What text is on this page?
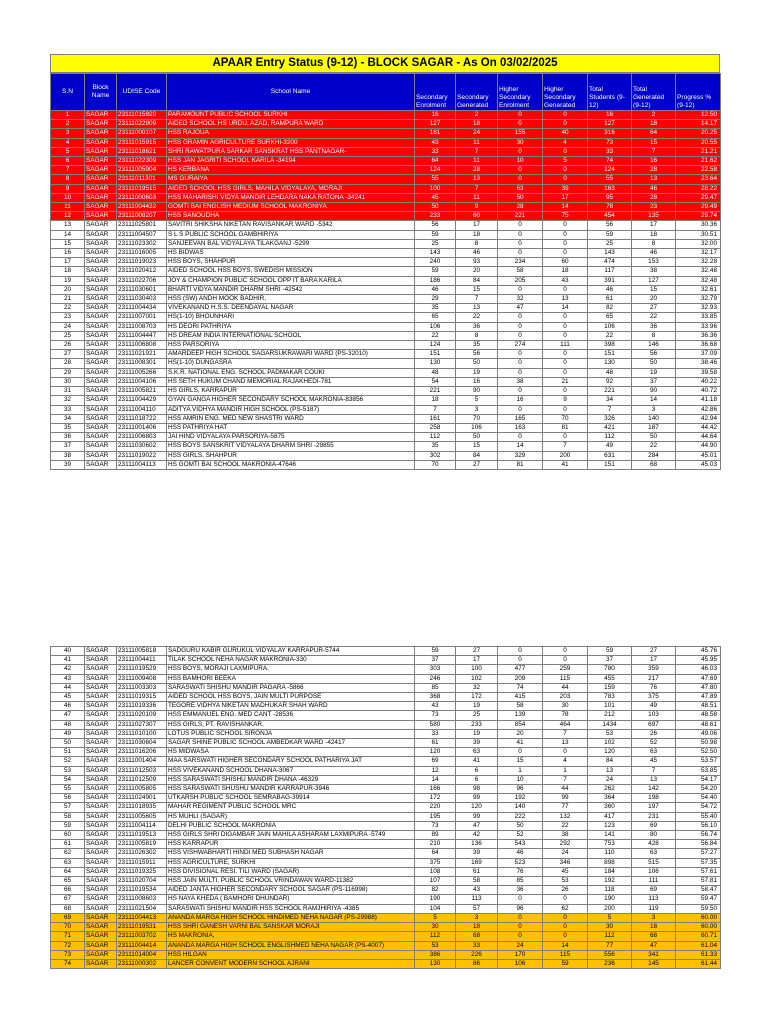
APAAR Entry Status (9-12) - BLOCK SAGAR - As On 03/02/2025
S.N	Block Name	UDISE Code	School Name	Secondary Enrolment	Secondary Generated	Higher Secondary Enrolment	Higher Secondary Generated	Total Students (9-12)	Total Generated (9-12)	Progress % (9-12)
1	SAGAR	23111015920	PARAMOUNT PUBLIC SCHOOL SURKHI	16	2	0	0	16	2	12.50
2	SAGAR	23111022909	AIDED SCHOOL HS URDU, AZAD, RAMPURA WARD	127	18	0	0	127	18	14.17
3	SAGAR	23111000107	HSS RAJOUA	161	24	155	40	316	64	20.25
4	SAGAR	23111015915	HSS GRAMIN AGRICULTURE SURKHI-3200	43	11	30	4	73	15	20.55
5	SAGAR	23111018621	SHRI RAWATPURA SARKAR SANSKRAT HSS PANTNAGAR-	33	7	0	0	33	7	21.21
6	SAGAR	23111022309	HSS JAN JAGRITI SCHOOL KARILA -34194	64	11	10	5	74	16	21.62
7	SAGAR	23111005904	HS KERBANA	124	28	0	0	124	28	22.58
8	SAGAR	23111011301	MS GURAIYA	55	13	0	0	55	13	23.64
9	SAGAR	23111019515	AIDED SCHOOL HSS GIRLS, MAHILA VIDYALAYA, MORAJI	100	7	63	39	163	46	28.22
10	SAGAR	23111000603	HSS MAHARISHI VIDYA MANDIR LEHDARA NAKA RATONA -34241	45	11	50	17	95	28	29.47
11	SAGAR	23111004432	GOMTI BAI ENGLISH MEDIUM SCHOOL MAKRONIYA	50	9	28	14	78	23	29.49
12	SAGAR	23111008207	HSS SANOUDHA	233	60	221	75	454	135	29.74
13	SAGAR	23111025801	SAVITRI SHIKSHA NIKETAN RAVISANKAR WARD -5342	56	17	0	0	56	17	30.36
14	SAGAR	23111004507	S L S PUBLIC SCHOOL GAMBHIRIYA	59	18	0	0	59	18	30.51
15	SAGAR	23111023302	SANJEEVAN BAL VIDYALAYA TILAKGANJ -5299	25	8	0	0	25	8	32.00
16	SAGAR	23111016005	HS BIDWAS	143	46	0	0	143	46	32.17
17	SAGAR	23111019023	HSS BOYS, SHAHPUR	240	93	234	60	474	153	32.28
18	SAGAR	23111020412	AIDED SCHOOL HSS BOYS, SWEDISH MISSION	59	20	58	18	117	38	32.48
19	SAGAR	23111022706	JOY & CHAMPION PUBLIC SCHOOL OPP IT BARA KARILA	186	84	205	43	391	127	32.48
20	SAGAR	23111030601	BHARTI VIDYA MANDIR DHARM SHRI -42542	46	15	0	0	46	15	32.61
21	SAGAR	23111030403	HSS (SW) ANDH MOOK BADHIR,	29	7	32	13	61	20	32.79
22	SAGAR	23111004434	VIVEKANAND H.S.S. DEENDAYAL NAGAR	35	13	47	14	82	27	32.93
23	SAGAR	23111007001	HS(1-10) BHOUNHARI	65	22	0	0	65	22	33.85
24	SAGAR	23111008703	HS DEORI PATHRIYA	106	36	0	0	106	36	33.96
25	SAGAR	23111004447	HS DREAM INDIA INTERNATIONAL SCHOOL	22	8	0	0	22	8	36.36
26	SAGAR	23111006808	HSS PARSORIYA	124	35	274	111	398	146	36.68
27	SAGAR	23111021921	AMARDEEP HIGH SCHOOL SAGARSUKRAWARI WARD (PS-32010)	151	56	0	0	151	56	37.09
28	SAGAR	23111008301	HS(1-10) DUNGASRA	130	50	0	0	130	50	38.46
29	SAGAR	23111005266	S.K.R. NATIONAL ENG. SCHOOL PADMAKAR COUKI	48	19	0	0	48	19	39.58
30	SAGAR	23111004106	HS SETH HUKUM CHAND MEMORIAL RAJAKHEDI-781	54	16	38	21	92	37	40.22
31	SAGAR	23111005821	HS GIRLS, KARRAPUR	221	90	0	0	221	90	40.72
32	SAGAR	23111004429	GYAN GANGA HIGHER SECONDARY SCHOOL MAKRONIA-83856	18	5	16	9	34	14	41.18
33	SAGAR	23111004110	ADITYA VIDHYA MANDIR HIGH SCHOOL (PS-5187)	7	3	0	0	7	3	42.86
34	SAGAR	23111018722	HSS AMRIN ENG. MED NEW SHASTRI WARD	161	70	165	70	326	140	42.94
35	SAGAR	23111001406	HSS PATHRIYA HAT	258	106	163	81	421	187	44.42
36	SAGAR	23111006803	JAI HIND VIDYALAYA PARSORIYA-5875	112	50	0	0	112	50	44.64
37	SAGAR	23111030602	HSS BOYS SANSKRIT VIDYALAYA DHARM SHRI -29855	35	15	14	7	49	22	44.90
38	SAGAR	23111019022	HSS GIRLS, SHAHPUR	302	84	329	200	631	284	45.01
39	SAGAR	23111004113	HS GOMTI BAI SCHOOL MAKRONIA-47646	70	27	81	41	151	68	45.03
40	SAGAR	23111005818	SADGURU KABIR GURUKUL VIDYALAY KARRAPUR-5744	59	27	0	0	59	27	45.76
41	SAGAR	23111004411	TILAK SCHOOL NEHA NAGAR MAKRONIA-330	37	17	0	0	37	17	45.95
42	SAGAR	23111019529	HSS BOYS, MORAJI LAXMIPURA,	303	100	477	259	780	359	46.03
43	SAGAR	23111009408	HSS BAMHORI BEEKA	246	102	209	115	455	217	47.69
44	SAGAR	23111003303	SARASWATI SHISHU MANDIR PAGARA -5866	85	32	74	44	159	76	47.80
45	SAGAR	23111019315	AIDED SCHOOL HSS BOYS, JAIN MULTI PURPOSE	368	172	415	203	783	375	47.89
46	SAGAR	23111019336	TEGORE VIDHYA NIKETAN MADHUKAR SHAH WARD	43	19	58	30	101	49	48.51
47	SAGAR	23111020109	HSS EMMANUEL ENG. MED CANT -28536	73	25	139	78	212	103	48.58
48	SAGAR	23111027307	HSS GIRLS, PT. RAVISHANKAR,	580	233	854	464	1434	697	48.61
49	SAGAR	23111010100	LOTUS PUBLIC SCHOOL SIRONJA	33	19	20	7	53	26	49.06
50	SAGAR	23111030604	SAGAR SHINE PUBLIC SCHOOL AMBEDKAR WARD -42417	61	39	41	13	102	52	50.98
51	SAGAR	23111016206	HS MIDWASA	120	63	0	0	120	63	52.50
52	SAGAR	23111001404	MAA SARSWATI HIGHER SECONDARY SCHOOL PATHARIYA JAT	69	41	15	4	84	45	53.57
53	SAGAR	23111012503	HSS VIVEKANAND SCHOOL DHANA-3067	12	6	1	1	13	7	53.85
54	SAGAR	23111012509	HSS SARASWATI SHISHU MANDIR DHANA -46329	14	6	10	7	24	13	54.17
55	SAGAR	23111005805	HSS SARASWATI SHUSHU MANDIR KARRAPUR-3946	166	98	96	44	262	142	54.20
56	SAGAR	23111024901	UTKARSH PUBLIC SCHOOL SEMRABAG-39914	172	99	192	99	364	198	54.40
57	SAGAR	23111018935	MAHAR REGIMENT PUBLIC SCHOOL MRC	220	120	140	77	360	197	54.72
58	SAGAR	23111005605	HS MUHLI (SAGAR)	195	99	222	132	417	231	55.40
59	SAGAR	23111004114	DELHI PUBLIC SCHOOL MAKRONIA	73	47	50	22	123	69	56.10
60	SAGAR	23111019513	HSS GIRLS SHRI DIGAMBAR JAIN MAHILA ASHARAM LAXMIPURA -5749	89	42	52	38	141	80	56.74
61	SAGAR	23111005819	HSS KARRAPUR	210	136	543	292	753	428	56.84
62	SAGAR	23111026302	HSS VISHWABHARTI HINDI MED SUBHASH NAGAR	64	39	46	24	110	63	57.27
63	SAGAR	23111015911	HSS AGRICULTURE, SURKHI	375	169	523	346	898	515	57.35
64	SAGAR	23111019325	HSS DIVISIONAL RESI. TILI WARD (SAGAR)	108	61	76	45	184	106	57.61
65	SAGAR	23111020704	HSS JAIN MULTI. PUBLIC SCHOOL VRINDAWAN WARD-11382	107	58	85	53	192	111	57.81
66	SAGAR	23111019534	AIDED JANTA HIGHER SECONDARY SCHOOL SAGAR (PS-116998)	82	43	36	26	118	69	58.47
67	SAGAR	23111008603	HS NAYA KHEDA ( BAMHORI DHUNDAR)	190	113	0	0	190	113	59.47
68	SAGAR	23111021504	SARASWATI SHISHU MANDIR HSS SCHOOL RAMJHIRIYA -4385	104	57	96	62	200	119	59.50
69	SAGAR	23111004413	ANANDA MARGA HIGH SCHOOL HINDIMED NEHA NAGAR (PS-29988)	5	3	0	0	5	3	60.00
70	SAGAR	23111019531	HSS SHRI GANESH VARNI BAL SANSKAR MORAJI	30	18	0	0	30	18	60.00
71	SAGAR	23111003702	HS MAKRONIA,	112	68	0	0	112	68	60.71
72	SAGAR	23111004414	ANANDA MARGA HIGH SCHOOL ENGLISHMED NEHA NAGAR (PS-4007)	53	33	24	14	77	47	61.04
73	SAGAR	23111014004	HSS HILGAN	386	226	170	115	556	341	61.33
74	SAGAR	23111000302	LANCER CONVENT MODERN SCHOOL AJRANI	130	86	106	59	236	145	61.44
